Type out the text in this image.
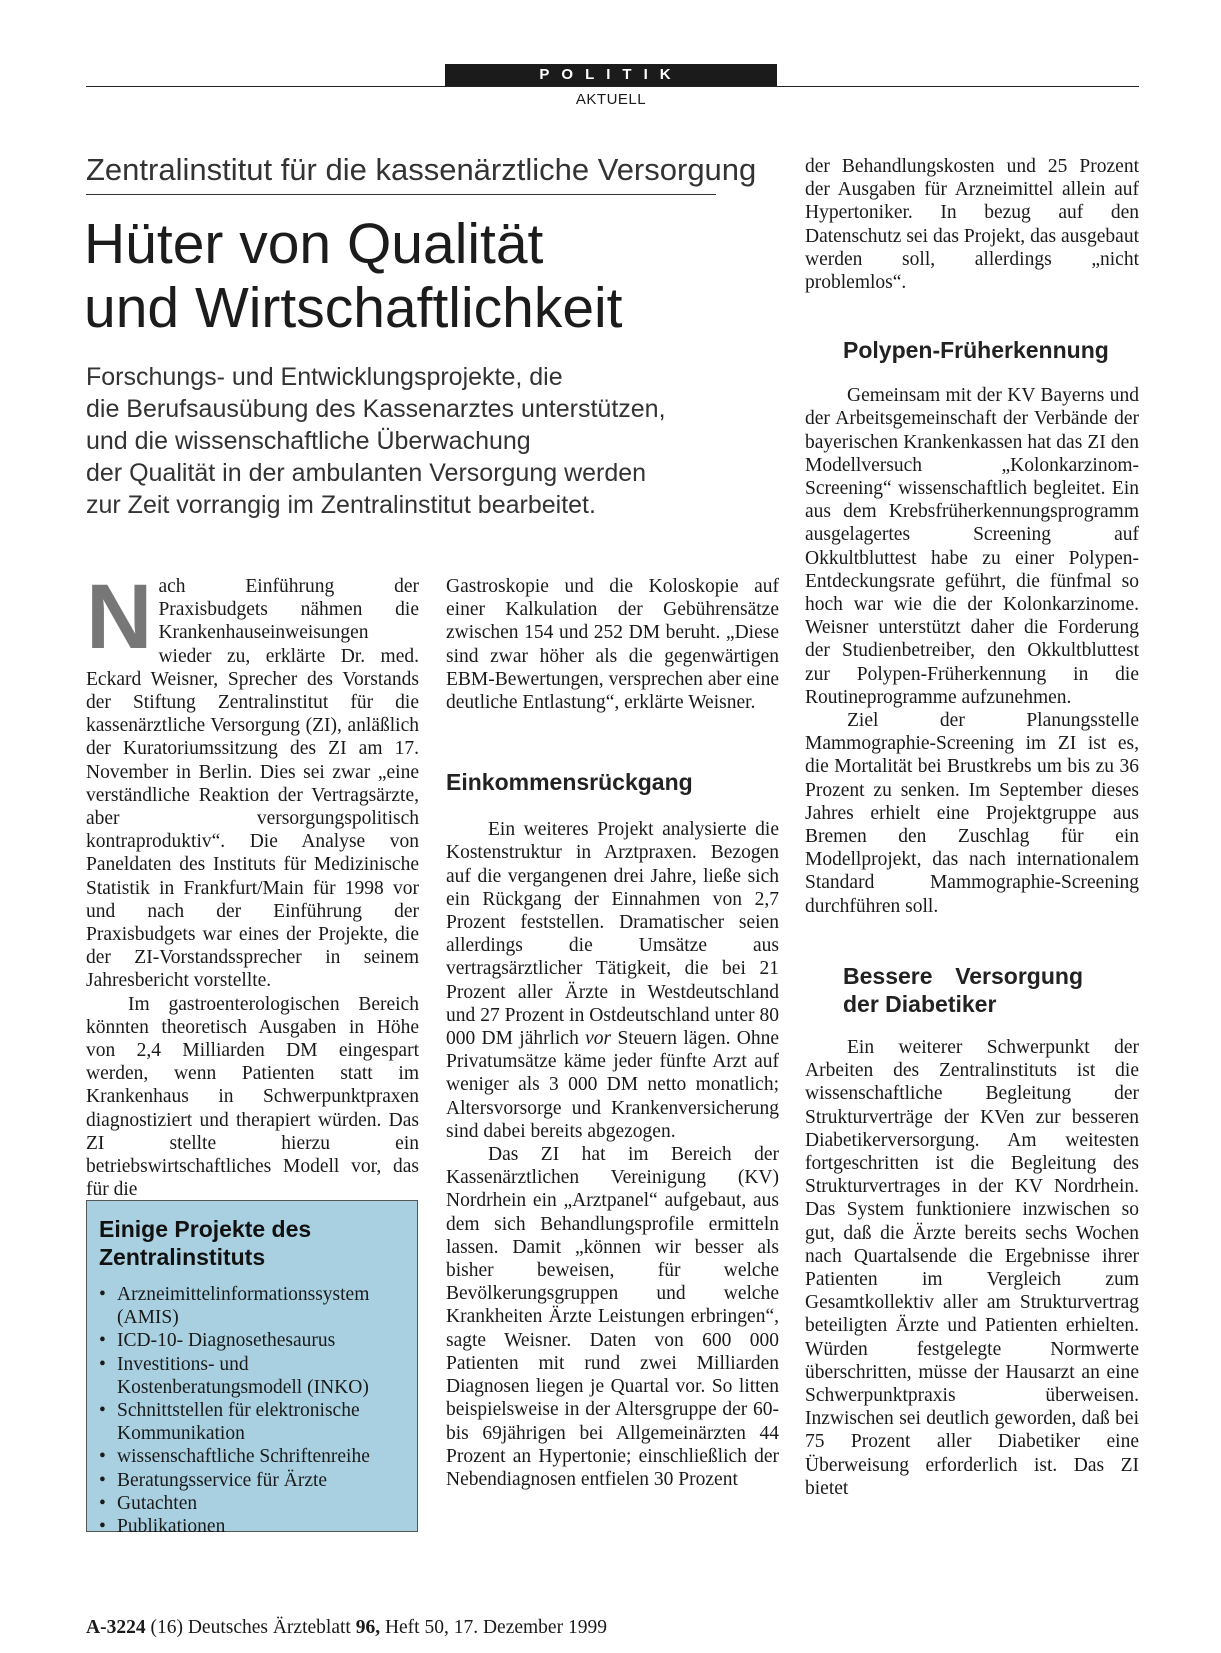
POLITIK
AKTUELL
Zentralinstitut für die kassenärztliche Versorgung
Hüter von Qualität
und Wirtschaftlichkeit
Forschungs- und Entwicklungsprojekte, die
die Berufsausübung des Kassenarztes unterstützen,
und die wissenschaftliche Überwachung
der Qualität in der ambulanten Versorgung werden
zur Zeit vorrangig im Zentralinstitut bearbeitet.

Nach Einführung der Praxisbudgets nähmen die Krankenhauseinweisungen wieder zu, erklärte Dr. med. Eckard Weisner, Sprecher des Vorstands der Stiftung Zentralinstitut für die kassenärztliche Versorgung (ZI), anläßlich der Kuratoriumssitzung des ZI am 17. November in Berlin. Dies sei zwar „eine verständliche Reaktion der Vertragsärzte, aber versorgungspolitisch kontraproduktiv“. Die Analyse von Paneldaten des Instituts für Medizinische Statistik in Frankfurt/Main für 1998 vor und nach der Einführung der Praxisbudgets war eines der Projekte, die der ZI-Vorstandssprecher in seinem Jahresbericht vorstellte.

Im gastroenterologischen Bereich könnten theoretisch Ausgaben in Höhe von 2,4 Milliarden DM eingespart werden, wenn Patienten statt im Krankenhaus in Schwerpunktpraxen diagnostiziert und therapiert würden. Das ZI stellte hierzu ein betriebswirtschaftliches Modell vor, das für die

Einige Projekte des Zentralinstituts
• Arzneimittelinformationssystem (AMIS)
• ICD-10- Diagnosethesaurus
• Investitions- und Kostenberatungsmodell (INKO)
• Schnittstellen für elektronische Kommunikation
• wissenschaftliche Schriftenreihe
• Beratungsservice für Ärzte
• Gutachten
• Publikationen

Gastroskopie und die Koloskopie auf einer Kalkulation der Gebührensätze zwischen 154 und 252 DM beruht. „Diese sind zwar höher als die gegenwärtigen EBM-Bewertungen, versprechen aber eine deutliche Entlastung“, erklärte Weisner.

Einkommensrückgang

Ein weiteres Projekt analysierte die Kostenstruktur in Arztpraxen. Bezogen auf die vergangenen drei Jahre, ließe sich ein Rückgang der Einnahmen von 2,7 Prozent feststellen. Dramatischer seien allerdings die Umsätze aus vertragsärztlicher Tätigkeit, die bei 21 Prozent aller Ärzte in Westdeutschland und 27 Prozent in Ostdeutschland unter 80 000 DM jährlich vor Steuern lägen. Ohne Privatumsätze käme jeder fünfte Arzt auf weniger als 3 000 DM netto monatlich; Altersvorsorge und Krankenversicherung sind dabei bereits abgezogen.

Das ZI hat im Bereich der Kassenärztlichen Vereinigung (KV) Nordrhein ein „Arztpanel“ aufgebaut, aus dem sich Behandlungsprofile ermitteln lassen. Damit „können wir besser als bisher beweisen, für welche Bevölkerungsgruppen und welche Krankheiten Ärzte Leistungen erbringen“, sagte Weisner. Daten von 600 000 Patienten mit rund zwei Milliarden Diagnosen liegen je Quartal vor. So litten beispielsweise in der Altersgruppe der 60- bis 69jährigen bei Allgemeinärzten 44 Prozent an Hypertonie; einschließlich der Nebendiagnosen entfielen 30 Prozent

der Behandlungskosten und 25 Prozent der Ausgaben für Arzneimittel allein auf Hypertoniker. In bezug auf den Datenschutz sei das Projekt, das ausgebaut werden soll, allerdings „nicht problemlos“.

Polypen-Früherkennung

Gemeinsam mit der KV Bayerns und der Arbeitsgemeinschaft der Verbände der bayerischen Krankenkassen hat das ZI den Modellversuch „Kolonkarzinom-Screening“ wissenschaftlich begleitet. Ein aus dem Krebsfrüherkennungsprogramm ausgelagertes Screening auf Okkultbluttest habe zu einer Polypen-Entdeckungsrate geführt, die fünfmal so hoch war wie die der Kolonkarzinome. Weisner unterstützt daher die Forderung der Studienbetreiber, den Okkultbluttest zur Polypen-Früherkennung in die Routineprogramme aufzunehmen.

Ziel der Planungsstelle Mammographie-Screening im ZI ist es, die Mortalität bei Brustkrebs um bis zu 36 Prozent zu senken. Im September dieses Jahres erhielt eine Projektgruppe aus Bremen den Zuschlag für ein Modellprojekt, das nach internationalem Standard Mammographie-Screening durchführen soll.

Bessere Versorgung der Diabetiker

Ein weiterer Schwerpunkt der Arbeiten des Zentralinstituts ist die wissenschaftliche Begleitung der Strukturverträge der KVen zur besseren Diabetikerversorgung. Am weitesten fortgeschritten ist die Begleitung des Strukturvertrages in der KV Nordrhein. Das System funktioniere inzwischen so gut, daß die Ärzte bereits sechs Wochen nach Quartalsende die Ergebnisse ihrer Patienten im Vergleich zum Gesamtkollektiv aller am Strukturvertrag beteiligten Ärzte und Patienten erhielten. Würden festgelegte Normwerte überschritten, müsse der Hausarzt an eine Schwerpunktpraxis überweisen. Inzwischen sei deutlich geworden, daß bei 75 Prozent aller Diabetiker eine Überweisung erforderlich ist. Das ZI bietet

A-3224 (16) Deutsches Ärzteblatt 96, Heft 50, 17. Dezember 1999
